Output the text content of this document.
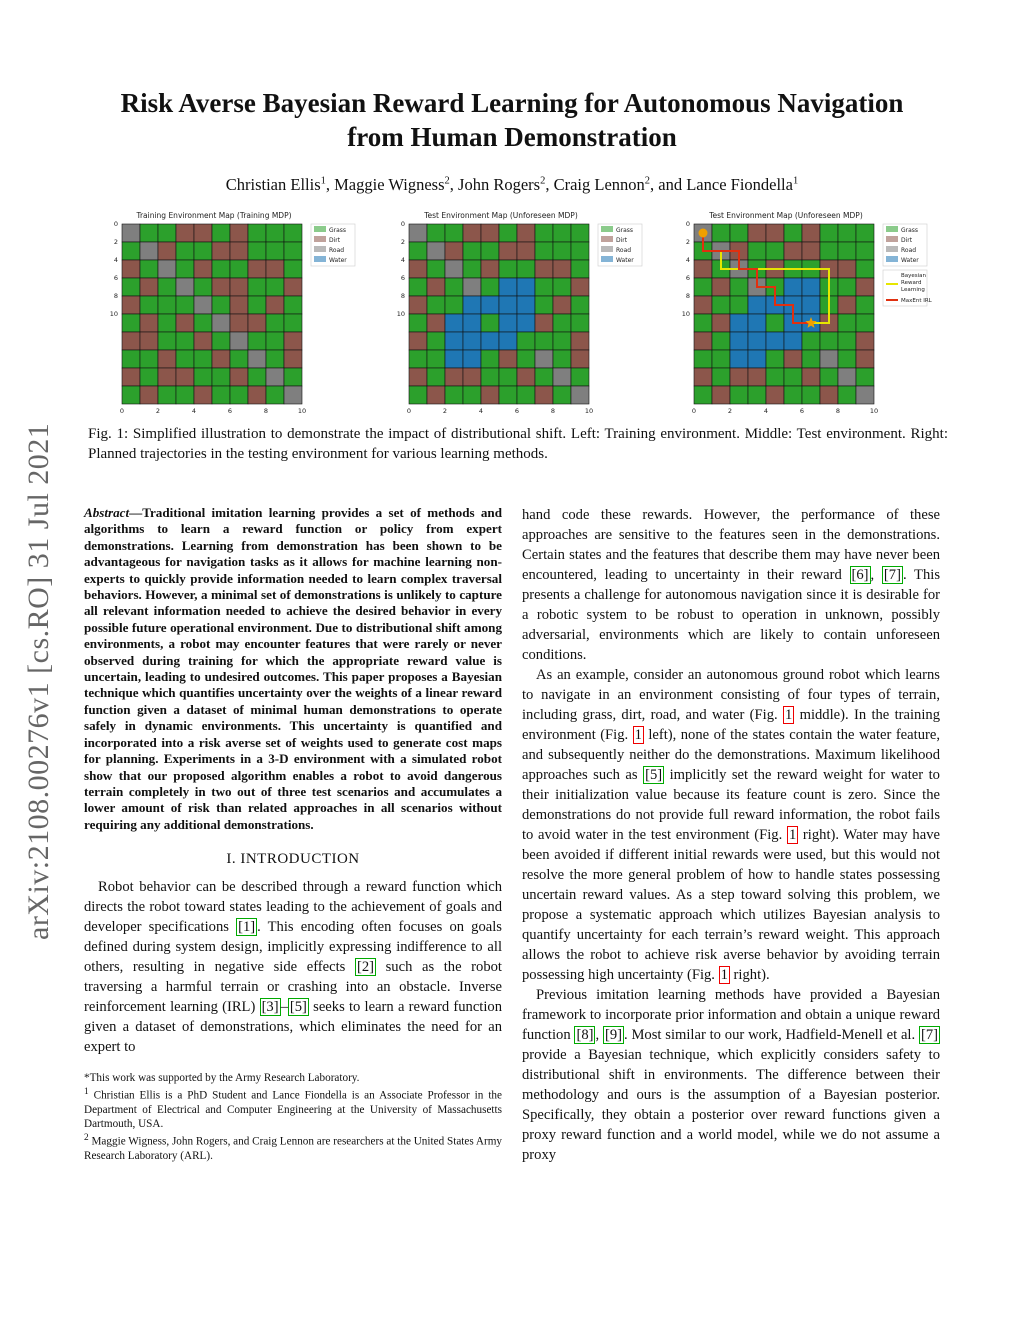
arXiv:2108.00276v1 [cs.RO] 31 Jul 2021
Risk Averse Bayesian Reward Learning for Autonomous Navigation
from Human Demonstration
Christian Ellis$^1$, Maggie Wigness$^2$, John Rogers$^2$, Craig Lennon$^2$, and Lance Fiondella$^1$
Training Environment Map (Training MDP)
0
0
2
2
4
4
6
6
8
8
10
10
Grass
Dirt
Road
Water
Test Environment Map (Unforeseen MDP)
0
0
2
2
4
4
6
6
8
8
10
10
Grass
Dirt
Road
Water
Test Environment Map (Unforeseen MDP)
0
0
2
2
4
4
6
6
8
8
10
10
Grass
Dirt
Road
Water
Bayesian
Reward
Learning
MaxEnt IRL
Fig. 1: Simplified illustration to demonstrate the impact of distributional shift. Left: Training environment. Middle: Test environment. Right: Planned trajectories in the testing environment for various learning methods.
Abstract—Traditional imitation learning provides a set of methods and algorithms to learn a reward function or policy from expert demonstrations. Learning from demonstration has been shown to be advantageous for navigation tasks as it allows for machine learning non-experts to quickly provide information needed to learn complex traversal behaviors. However, a minimal set of demonstrations is unlikely to capture all relevant information needed to achieve the desired behavior in every possible future operational environment. Due to distributional shift among environments, a robot may encounter features that were rarely or never observed during training for which the appropriate reward value is uncertain, leading to undesired outcomes. This paper proposes a Bayesian technique which quantifies uncertainty over the weights of a linear reward function given a dataset of minimal human demonstrations to operate safely in dynamic environments. This uncertainty is quantified and incorporated into a risk averse set of weights used to generate cost maps for planning. Experiments in a 3-D environment with a simulated robot show that our proposed algorithm enables a robot to avoid dangerous terrain completely in two out of three test scenarios and accumulates a lower amount of risk than related approaches in all scenarios without requiring any additional demonstrations.
I. INTRODUCTION

Robot behavior can be described through a reward function which directs the robot toward states leading to the achievement of goals and developer specifications [1] . This encoding often focuses on goals defined during system design, implicitly expressing indifference to all others, resulting in negative side effects [2] such as the robot traversing a harmful terrain or crashing into an obstacle. Inverse reinforcement learning (IRL) [3] – [5] seeks to learn a reward function given a dataset of demonstrations, which eliminates the need for an expert to

*This work was supported by the Army Research Laboratory.

$^1$ Christian Ellis is a PhD Student and Lance Fiondella is an Associate Professor in the Department of Electrical and Computer Engineering at the University of Massachusetts Dartmouth, USA.

$^2$ Maggie Wigness, John Rogers, and Craig Lennon are researchers at the United States Army Research Laboratory (ARL).

hand code these rewards. However, the performance of these approaches are sensitive to the features seen in the demonstrations. Certain states and the features that describe them may have never been encountered, leading to uncertainty in their reward [6] , [7] . This presents a challenge for autonomous navigation since it is desirable for a robotic system to be robust to operation in unknown, possibly adversarial, environments which are likely to contain unforeseen conditions.

As an example, consider an autonomous ground robot which learns to navigate in an environment consisting of four types of terrain, including grass, dirt, road, and water (Fig. 1 middle). In the training environment (Fig. 1 left), none of the states contain the water feature, and subsequently neither do the demonstrations. Maximum likelihood approaches such as [5] implicitly set the reward weight for water to their initialization value because its feature count is zero. Since the demonstrations do not provide full reward information, the robot fails to avoid water in the test environment (Fig. 1 right). Water may have been avoided if different initial rewards were used, but this would not resolve the more general problem of how to handle states possessing uncertain reward values. As a step toward solving this problem, we propose a systematic approach which utilizes Bayesian analysis to quantify uncertainty for each terrain’s reward weight. This approach allows the robot to achieve risk averse behavior by avoiding terrain possessing high uncertainty (Fig. 1 right).

Previous imitation learning methods have provided a Bayesian framework to incorporate prior information and obtain a unique reward function [8] , [9] . Most similar to our work, Hadfield-Menell et al. [7] provide a Bayesian technique, which explicitly considers safety to distributional shift in environments. The difference between their methodology and ours is the assumption of a Bayesian posterior. Specifically, they obtain a posterior over reward functions given a proxy reward function and a world model, while we do not assume a proxy
